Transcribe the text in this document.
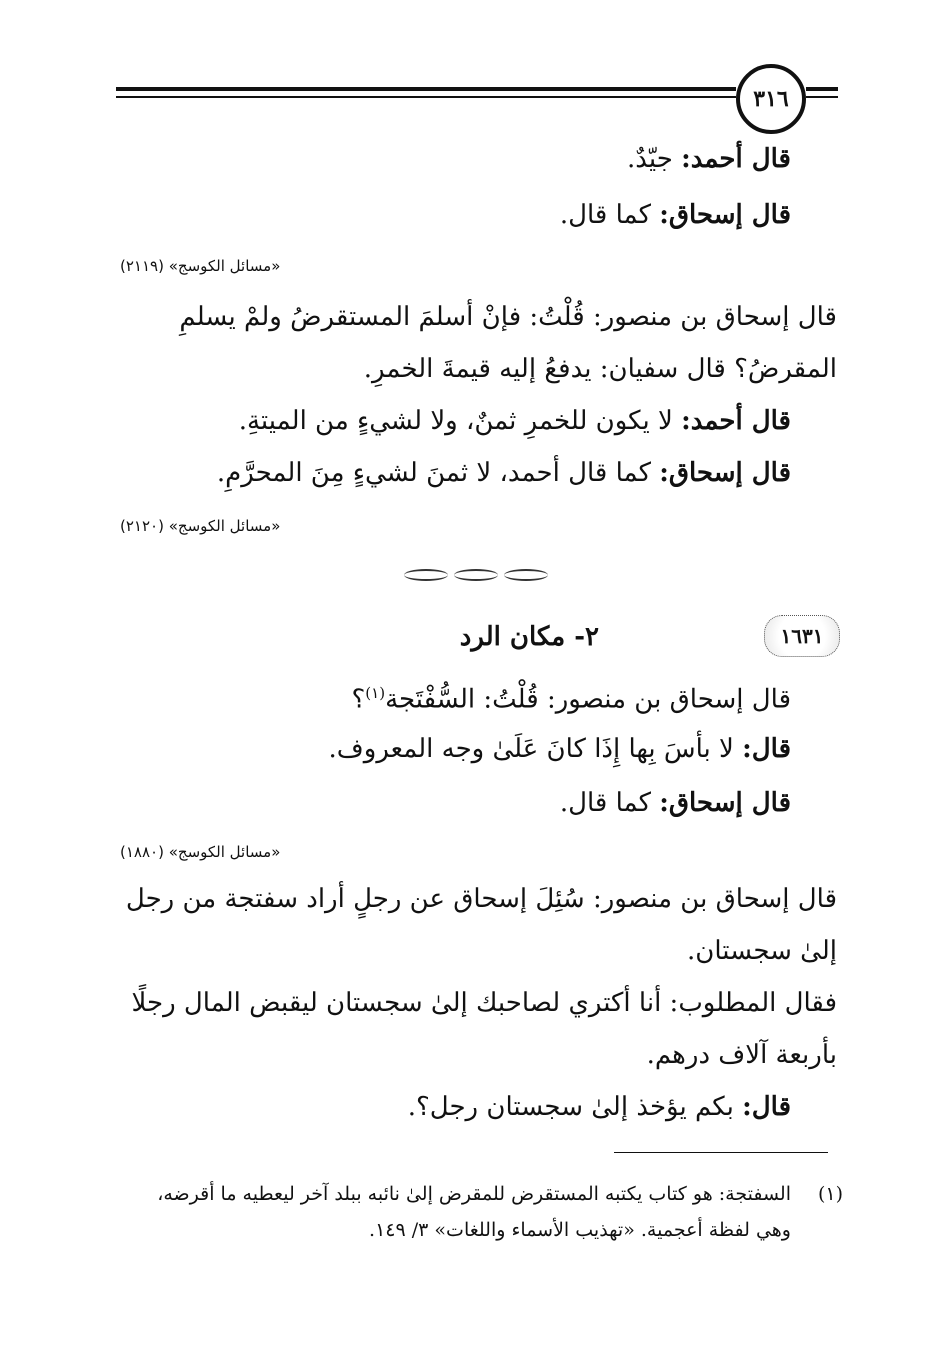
٣١٦
قال أحمد: جيّدٌ.
قال إسحاق: كما قال.
«مسائل الكوسج» (٢١١٩)
قال إسحاق بن منصور: قُلْتُ: فإنْ أسلمَ المستقرضُ ولمْ يسلمِ
المقرضُ؟ قال سفيان: يدفعُ إليه قيمةَ الخمرِ.
قال أحمد: لا يكون للخمرِ ثمنٌ، ولا لشيءٍ من الميتةِ.
قال إسحاق: كما قال أحمد، لا ثمنَ لشيءٍ مِنَ المحرَّمِ.
«مسائل الكوسج» (٢١٢٠)
١٦٣١
٢- مكان الرد
قال إسحاق بن منصور: قُلْتُ: السُّفْتَجة$^{(١)}$؟
قال: لا بأسَ بِها إِذَا كانَ عَلَىٰ وجه المعروف.
قال إسحاق: كما قال.
«مسائل الكوسج» (١٨٨٠)
قال إسحاق بن منصور: سُئِلَ إسحاق عن رجلٍ أراد سفتجة من رجل
إلىٰ سجستان.
فقال المطلوب: أنا أكتري لصاحبك إلىٰ سجستان ليقبض المال رجلًا
بأربعة آلاف درهم.
قال: بكم يؤخذ إلىٰ سجستان رجل؟.
(١)
السفتجة: هو كتاب يكتبه المستقرض للمقرض إلىٰ نائبه ببلد آخر ليعطيه ما أقرضه،
وهي لفظة أعجمية. «تهذيب الأسماء واللغات» ٣/ ١٤٩.
